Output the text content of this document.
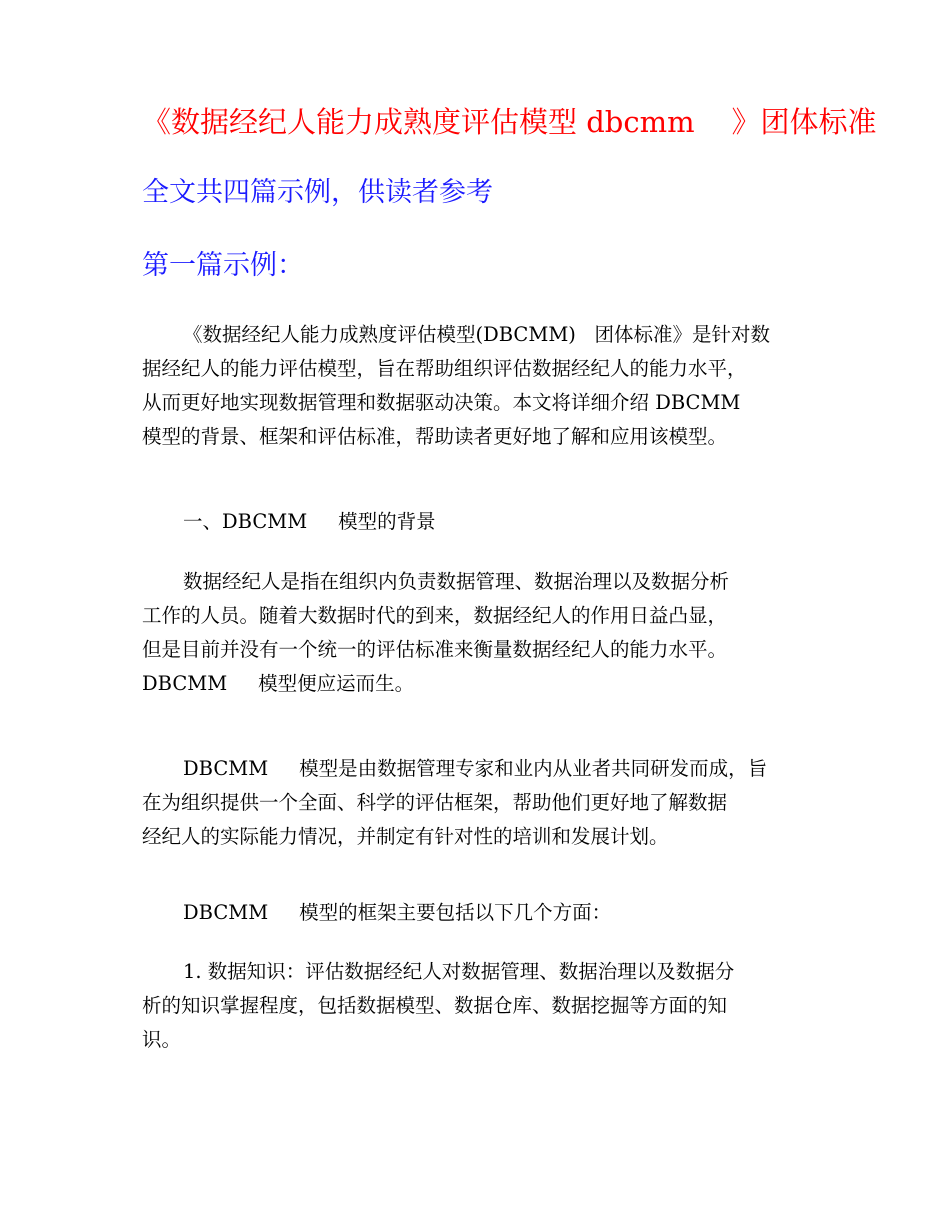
《数据经纪人能力成熟度评估模型 dbcmm    》团体标准
全文共四篇示例，供读者参考
第一篇示例：
《数据经纪人能力成熟度评估模型(DBCMM)   团体标准》是针对数
据经纪人的能力评估模型，旨在帮助组织评估数据经纪人的能力水平，
从而更好地实现数据管理和数据驱动决策。本文将详细介绍 DBCMM
模型的背景、框架和评估标准，帮助读者更好地了解和应用该模型。
一、DBCMM     模型的背景
数据经纪人是指在组织内负责数据管理、数据治理以及数据分析
工作的人员。随着大数据时代的到来，数据经纪人的作用日益凸显，
但是目前并没有一个统一的评估标准来衡量数据经纪人的能力水平。
DBCMM     模型便应运而生。
DBCMM     模型是由数据管理专家和业内从业者共同研发而成，旨
在为组织提供一个全面、科学的评估框架，帮助他们更好地了解数据
经纪人的实际能力情况，并制定有针对性的培训和发展计划。
DBCMM     模型的框架主要包括以下几个方面：
1. 数据知识：评估数据经纪人对数据管理、数据治理以及数据分
析的知识掌握程度，包括数据模型、数据仓库、数据挖掘等方面的知
识。
